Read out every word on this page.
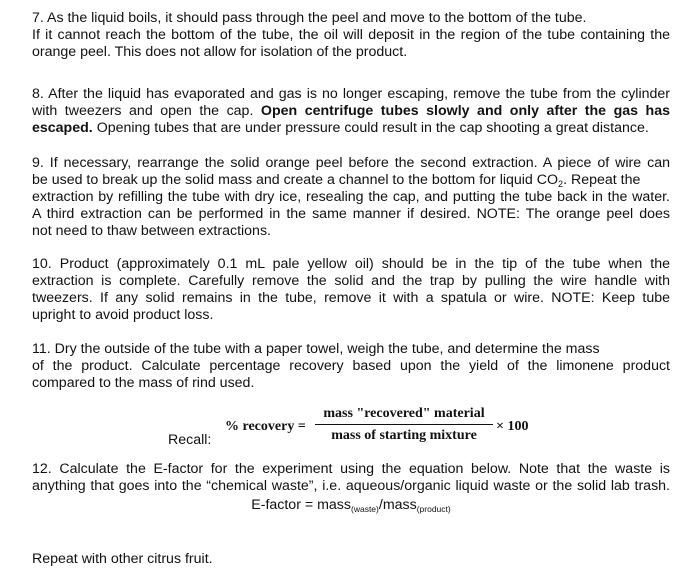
7. As the liquid boils, it should pass through the peel and move to the bottom of the tube.
If it cannot reach the bottom of the tube, the oil will deposit in the region of the tube containing the
orange peel. This does not allow for isolation of the product.
8. After the liquid has evaporated and gas is no longer escaping, remove the tube from the cylinder
with tweezers and open the cap. Open centrifuge tubes slowly and only after the gas has
escaped. Opening tubes that are under pressure could result in the cap shooting a great distance.
9. If necessary, rearrange the solid orange peel before the second extraction. A piece of wire can
be used to break up the solid mass and create a channel to the bottom for liquid $CO_2$. Repeat the
extraction by refilling the tube with dry ice, resealing the cap, and putting the tube back in the water.
A third extraction can be performed in the same manner if desired. NOTE: The orange peel does
not need to thaw between extractions.
10. Product (approximately 0.1 mL pale yellow oil) should be in the tip of the tube when the
extraction is complete. Carefully remove the solid and the trap by pulling the wire handle with
tweezers. If any solid remains in the tube, remove it with a spatula or wire. NOTE: Keep tube
upright to avoid product loss.
11. Dry the outside of the tube with a paper towel, weigh the tube, and determine the mass
of the product. Calculate percentage recovery based upon the yield of the limonene product
compared to the mass of rind used.
Recall:
% recovery =
mass "recovered" material
mass of starting mixture
× 100
12. Calculate the E-factor for the experiment using the equation below. Note that the waste is
anything that goes into the “chemical waste”, i.e. aqueous/organic liquid waste or the solid lab trash.
E-factor = mass$_{(waste)}$/mass$_{(product)}$
Repeat with other citrus fruit.
